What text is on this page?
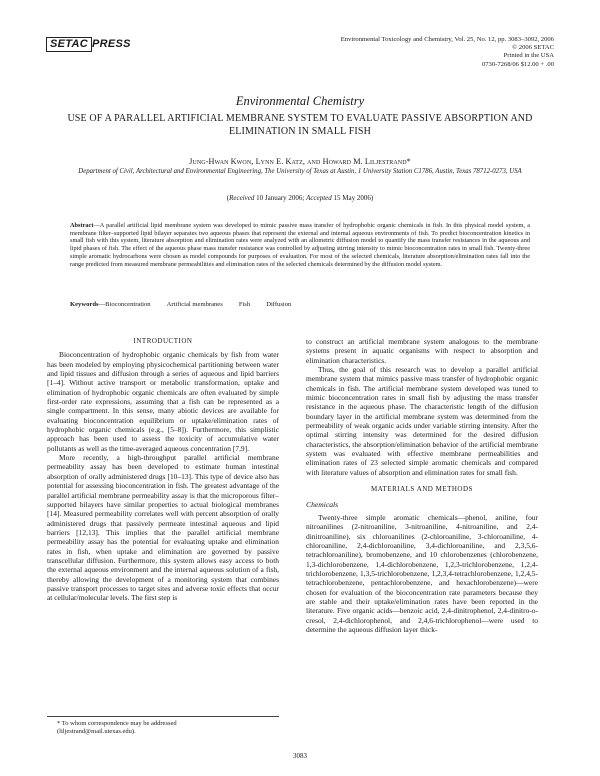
SETAC PRESS	Environmental Toxicology and Chemistry, Vol. 25, No. 12, pp. 3083–3092, 2006
© 2006 SETAC
Printed in the USA
0730-7268/06 $12.00 + .00
Environmental Chemistry
USE OF A PARALLEL ARTIFICIAL MEMBRANE SYSTEM TO EVALUATE PASSIVE ABSORPTION AND ELIMINATION IN SMALL FISH
Jung-Hwan Kwon, Lynn E. Katz, and Howard M. Liljestrand*
Department of Civil, Architectural and Environmental Engineering, The University of Texas at Austin, 1 University Station C1786, Austin, Texas 78712-0273, USA
(Received 10 January 2006; Accepted 15 May 2006)
Abstract—A parallel artificial lipid membrane system was developed to mimic passive mass transfer of hydrophobic organic chemicals in fish. In this physical model system, a membrane filter–supported lipid bilayer separates two aqueous phases that represent the external and internal aqueous environments of fish. To predict bioconcentration kinetics in small fish with this system, literature absorption and elimination rates were analyzed with an allometric diffusion model to quantify the mass transfer resistances in the aqueous and lipid phases of fish. The effect of the aqueous phase mass transfer resistance was controlled by adjusting stirring intensity to mimic bioconcentration rates in small fish. Twenty-three simple aromatic hydrocarbons were chosen as model compounds for purposes of evaluation. For most of the selected chemicals, literature absorption/elimination rates fall into the range predicted from measured membrane permeabilities and elimination rates of the selected chemicals determined by the diffusion model system.
Keywords—Bioconcentration Artificial membranes Fish Diffusion
INTRODUCTION

Bioconcentration of hydrophobic organic chemicals by fish from water has been modeled by employing physicochemical partitioning between water and lipid tissues and diffusion through a series of aqueous and lipid barriers [1–4]. Without active transport or metabolic transformation, uptake and elimination of hydrophobic organic chemicals are often evaluated by simple first-order rate expressions, assuming that a fish can be represented as a single compartment. In this sense, many abiotic devices are available for evaluating bioconcentration equilibrium or uptake/elimination rates of hydrophobic organic chemicals (e.g., [5–8]). Furthermore, this simplistic approach has been used to assess the toxicity of accumulative water pollutants as well as the time-averaged aqueous concentration [7,9].

More recently, a high-throughput parallel artificial membrane permeability assay has been developed to estimate human intestinal absorption of orally administered drugs [10–13]. This type of device also has potential for assessing bioconcentration in fish. The greatest advantage of the parallel artificial membrane permeability assay is that the microporous filter–supported bilayers have similar properties to actual biological membranes [14]. Measured permeability correlates well with percent absorption of orally administered drugs that passively permeate intestinal aqueous and lipid barriers [12,13]. This implies that the parallel artificial membrane permeability assay has the potential for evaluating uptake and elimination rates in fish, when uptake and elimination are governed by passive transcellular diffusion. Furthermore, this system allows easy access to both the external aqueous environment and the internal aqueous solution of a fish, thereby allowing the development of a monitoring system that combines passive transport processes to target sites and adverse toxic effects that occur at cellular/molecular levels. The first step is

to construct an artificial membrane system analogous to the membrane systems present in aquatic organisms with respect to absorption and elimination characteristics.

Thus, the goal of this research was to develop a parallel artificial membrane system that mimics passive mass transfer of hydrophobic organic chemicals in fish. The artificial membrane system developed was tuned to mimic bioconcentration rates in small fish by adjusting the mass transfer resistance in the aqueous phase. The characteristic length of the diffusion boundary layer in the artificial membrane system was determined from the permeability of weak organic acids under variable stirring intensity. After the optimal stirring intensity was determined for the desired diffusion characteristics, the absorption/elimination behavior of the artificial membrane system was evaluated with effective membrane permeabilities and elimination rates of 23 selected simple aromatic chemicals and compared with literature values of absorption and elimination rates for small fish.

MATERIALS AND METHODS
Chemicals

Twenty-three simple aromatic chemicals—phenol, aniline, four nitroanilines (2-nitroaniline, 3-nitroaniline, 4-nitroaniline, and 2,4-dinitroaniline), six chloroanilines (2-chloroaniline, 3-chloroaniline, 4-chloroaniline, 2,4-dichloroaniline, 3,4-dichloroaniline, and 2,3,5,6-tetrachloroaniline), bromobenzene, and 10 chlorobenzenes (chlorobenzene, 1,3-dichlorobenzene, 1,4-dichlorobenzene, 1,2,3-trichlorobenzene, 1,2,4-trichlorobenzene, 1,3,5-trichlorobenzene, 1,2,3,4-tetrachlorobenzene, 1,2,4,5-tetrachlorobenzene, pentachlorobenzene, and hexachlorobenzene)—were chosen for evaluation of the bioconcentration rate parameters because they are stable and their uptake/elimination rates have been reported in the literature. Five organic acids—benzoic acid, 2,4-dinitrophenol, 2,4-dinitro-o-cresol, 2,4-dichlorophenol, and 2,4,6-trichlorophenol—were used to determine the aqueous diffusion layer thick-

* To whom correspondence may be addressed

(liljestrand@mail.utexas.edu).

3083
